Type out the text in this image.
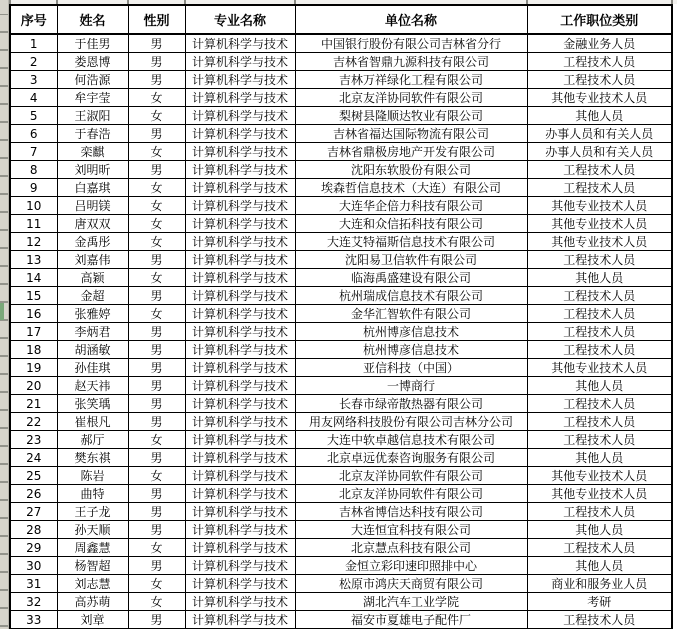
序号	姓名	性别	专业名称	单位名称	工作职位类别
1	于佳男	男	计算机科学与技术	中国银行股份有限公司吉林省分行	金融业务人员
2	娄恩博	男	计算机科学与技术	吉林省智鼎九源科技有限公司	工程技术人员
3	何浩源	男	计算机科学与技术	吉林万祥绿化工程有限公司	工程技术人员
4	牟宇莹	女	计算机科学与技术	北京友洋协同软件有限公司	其他专业技术人员
5	王淑阳	女	计算机科学与技术	梨树县隆顺达牧业有限公司	其他人员
6	于春浩	男	计算机科学与技术	吉林省福达国际物流有限公司	办事人员和有关人员
7	栾麒	女	计算机科学与技术	吉林省鼎极房地产开发有限公司	办事人员和有关人员
8	刘明昕	男	计算机科学与技术	沈阳东软股份有限公司	工程技术人员
9	白嘉琪	女	计算机科学与技术	埃森哲信息技术（大连）有限公司	工程技术人员
10	吕明镁	女	计算机科学与技术	大连华企倍力科技有限公司	其他专业技术人员
11	唐双双	女	计算机科学与技术	大连和众信拓科技有限公司	其他专业技术人员
12	金禹彤	女	计算机科学与技术	大连艾特福斯信息技术有限公司	其他专业技术人员
13	刘嘉伟	男	计算机科学与技术	沈阳易卫信软件有限公司	工程技术人员
14	高颖	女	计算机科学与技术	临海禹盛建设有限公司	其他人员
15	金超	男	计算机科学与技术	杭州瑞成信息技术有限公司	工程技术人员
16	张雅婷	女	计算机科学与技术	金华汇智软件有限公司	工程技术人员
17	李炳君	男	计算机科学与技术	杭州博彦信息技术	工程技术人员
18	胡涵敏	男	计算机科学与技术	杭州博彦信息技术	工程技术人员
19	孙佳琪	男	计算机科学与技术	亚信科技（中国）	其他专业技术人员
20	赵天祎	男	计算机科学与技术	一博商行	其他人员
21	张笑瑀	男	计算机科学与技术	长春市绿帝散热器有限公司	工程技术人员
22	崔根凡	男	计算机科学与技术	用友网络科技股份有限公司吉林分公司	工程技术人员
23	郝厅	女	计算机科学与技术	大连中软卓越信息技术有限公司	工程技术人员
24	樊东祺	男	计算机科学与技术	北京卓远优泰咨询服务有限公司	其他人员
25	陈岩	女	计算机科学与技术	北京友洋协同软件有限公司	其他专业技术人员
26	曲特	男	计算机科学与技术	北京友洋协同软件有限公司	其他专业技术人员
27	王子龙	男	计算机科学与技术	吉林省博信达科技有限公司	工程技术人员
28	孙天顺	男	计算机科学与技术	大连恒宜科技有限公司	其他人员
29	周鑫慧	女	计算机科学与技术	北京慧点科技有限公司	工程技术人员
30	杨智超	男	计算机科学与技术	金恒立彩印速印照排中心	其他人员
31	刘志慧	女	计算机科学与技术	松原市鸿庆天商贸有限公司	商业和服务业人员
32	高苏萌	女	计算机科学与技术	湖北汽车工业学院	考研
33	刘章	男	计算机科学与技术	福安市夏雄电子配件厂	工程技术人员
